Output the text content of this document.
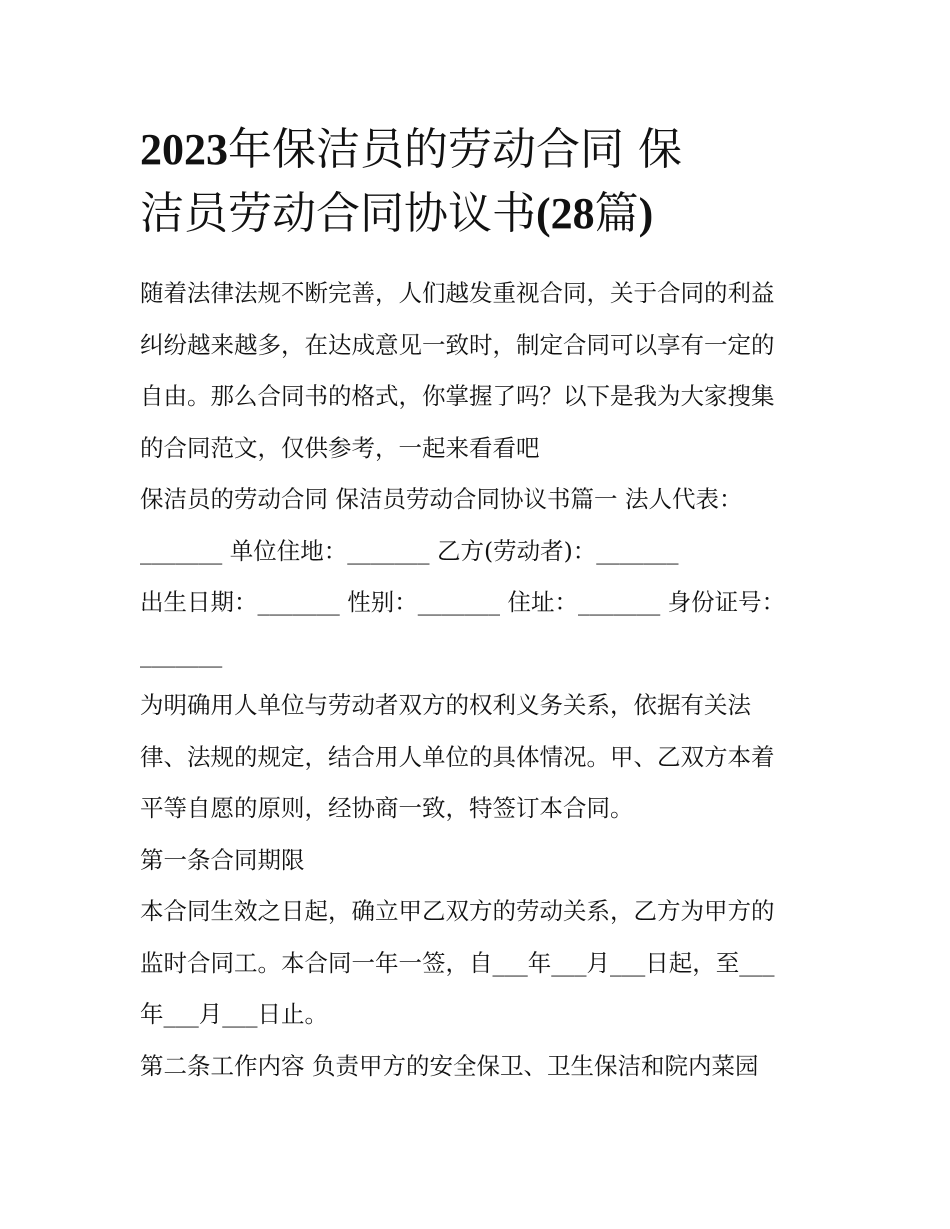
2023年保洁员的劳动合同 保
洁员劳动合同协议书(28篇)

随着法律法规不断完善，人们越发重视合同，关于合同的利益
纠纷越来越多，在达成意见一致时，制定合同可以享有一定的
自由。那么合同书的格式，你掌握了吗？以下是我为大家搜集
的合同范文，仅供参考，一起来看看吧

保洁员的劳动合同 保洁员劳动合同协议书篇一 法人代表：
_______ 单位住地：_______ 乙方(劳动者)：_______
出生日期：_______ 性别：_______ 住址：_______ 身份证号：
_______

为明确用人单位与劳动者双方的权利义务关系，依据有关法
律、法规的规定，结合用人单位的具体情况。甲、乙双方本着
平等自愿的原则，经协商一致，特签订本合同。

第一条合同期限

本合同生效之日起，确立甲乙双方的劳动关系，乙方为甲方的
监时合同工。本合同一年一签，自___年___月___日起，至___
年___月___日止。

第二条工作内容 负责甲方的安全保卫、卫生保洁和院内菜园
